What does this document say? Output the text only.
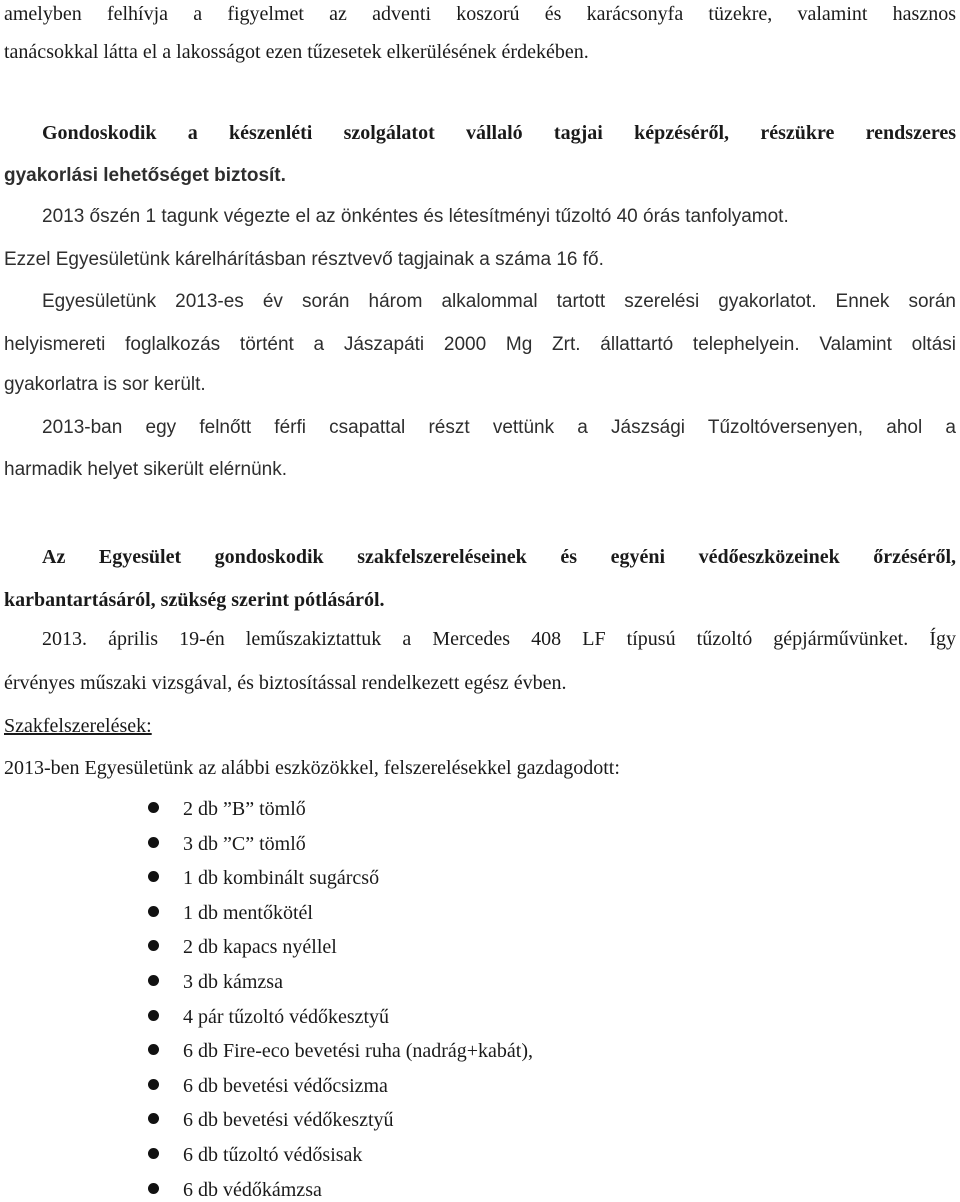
amelyben felhívja a figyelmet az adventi koszorú és karácsonyfa tüzekre, valamint hasznos
tanácsokkal látta el a lakosságot ezen tűzesetek elkerülésének érdekében.
Gondoskodik a készenléti szolgálatot vállaló tagjai képzéséről, részükre rendszeres
gyakorlási lehetőséget biztosít.
2013 őszén 1 tagunk végezte el az önkéntes és létesítményi tűzoltó 40 órás tanfolyamot.
Ezzel Egyesületünk kárelhárításban résztvevő tagjainak a száma 16 fő.
Egyesületünk 2013-es év során három alkalommal tartott szerelési gyakorlatot. Ennek során
helyismereti foglalkozás történt a Jászapáti 2000 Mg Zrt. állattartó telephelyein. Valamint oltási
gyakorlatra is sor került.
2013-ban egy felnőtt férfi csapattal részt vettünk a Jászsági Tűzoltóversenyen, ahol a
harmadik helyet sikerült elérnünk.
Az Egyesület gondoskodik szakfelszereléseinek és egyéni védőeszközeinek őrzéséről,
karbantartásáról, szükség szerint pótlásáról.
2013. április 19-én leműszakiztattuk a Mercedes 408 LF típusú tűzoltó gépjárművünket. Így
érvényes műszaki vizsgával, és biztosítással rendelkezett egész évben.
Szakfelszerelések:
2013-ben Egyesületünk az alábbi eszközökkel, felszerelésekkel gazdagodott:
2 db ”B” tömlő
3 db ”C” tömlő
1 db kombinált sugárcső
1 db mentőkötél
2 db kapacs nyéllel
3 db kámzsa
4 pár tűzoltó védőkesztyű
6 db Fire-eco bevetési ruha (nadrág+kabát),
6 db bevetési védőcsizma
6 db bevetési védőkesztyű
6 db tűzoltó védősisak
6 db védőkámzsa
